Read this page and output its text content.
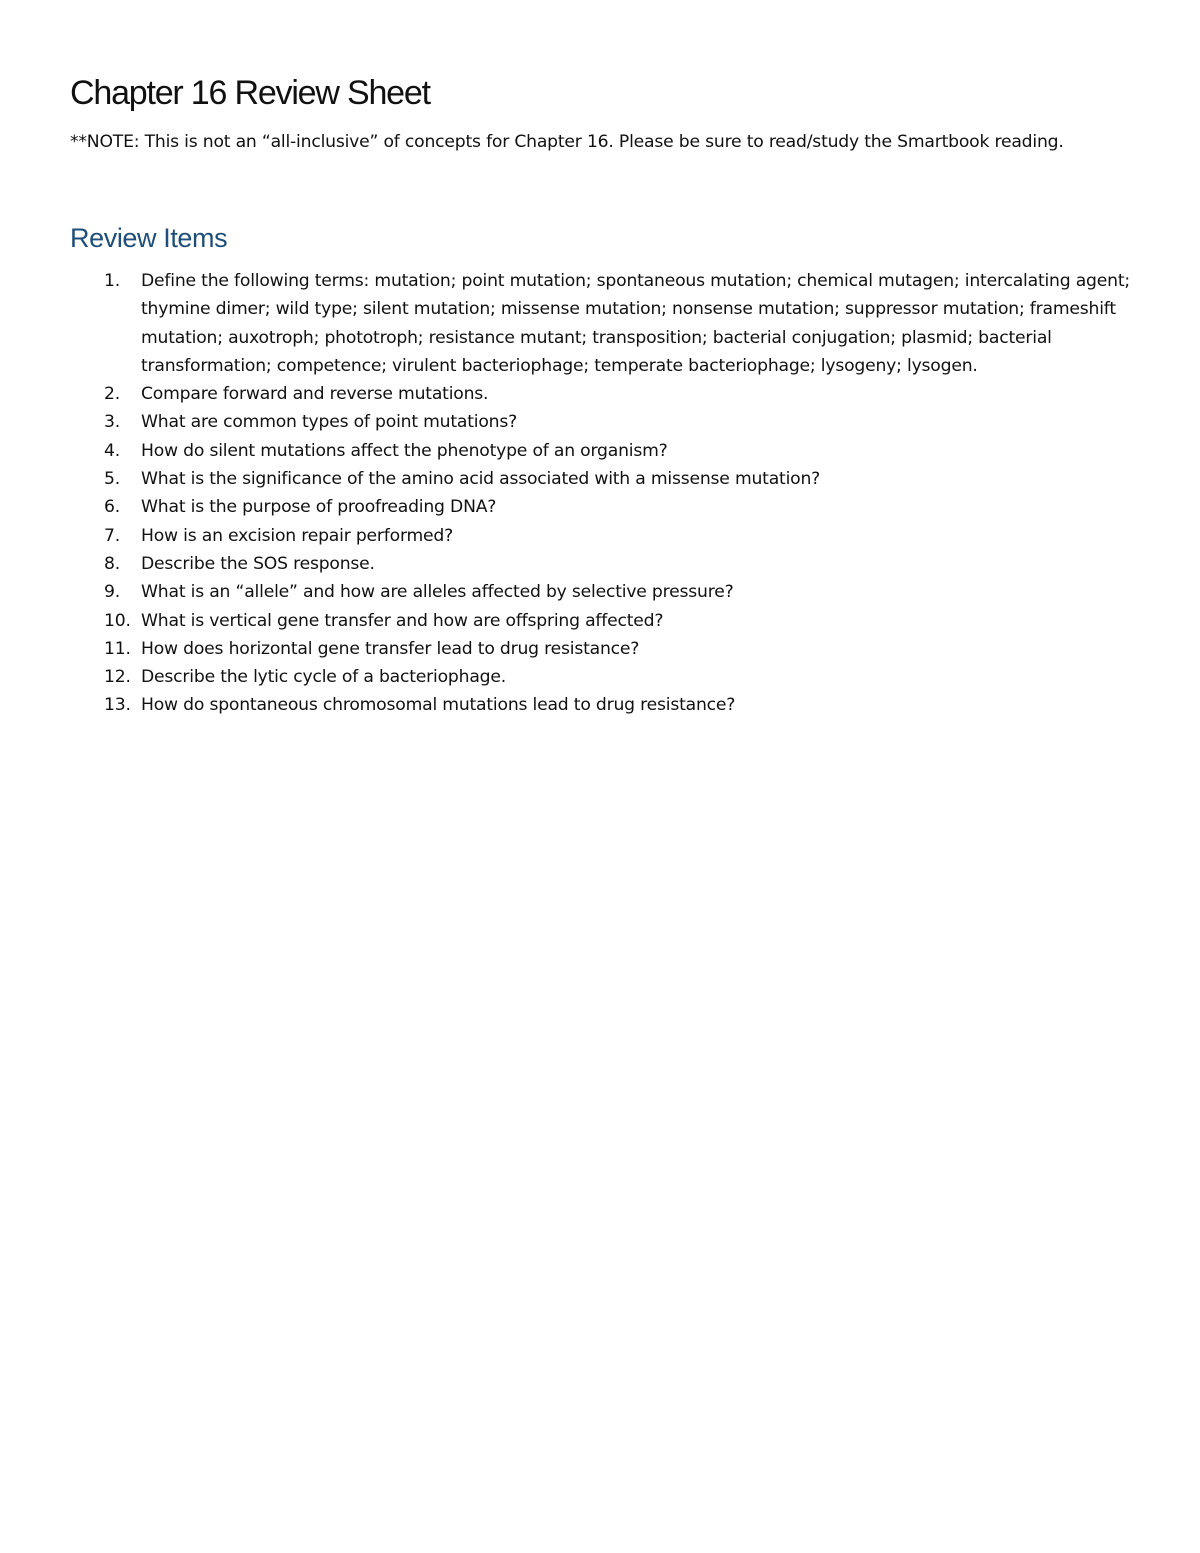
Chapter 16 Review Sheet

**NOTE: This is not an “all-inclusive” of concepts for Chapter 16. Please be sure to read/study the Smartbook reading.

Review Items
1. Define the following terms: mutation; point mutation; spontaneous mutation; chemical mutagen; intercalating agent; thymine dimer; wild type; silent mutation; missense mutation; nonsense mutation; suppressor mutation; frameshift mutation; auxotroph; phototroph; resistance mutant; transposition; bacterial conjugation; plasmid; bacterial transformation; competence; virulent bacteriophage; temperate bacteriophage; lysogeny; lysogen.
2. Compare forward and reverse mutations.
3. What are common types of point mutations?
4. How do silent mutations affect the phenotype of an organism?
5. What is the significance of the amino acid associated with a missense mutation?
6. What is the purpose of proofreading DNA?
7. How is an excision repair performed?
8. Describe the SOS response.
9. What is an “allele” and how are alleles affected by selective pressure?
10. What is vertical gene transfer and how are offspring affected?
11. How does horizontal gene transfer lead to drug resistance?
12. Describe the lytic cycle of a bacteriophage.
13. How do spontaneous chromosomal mutations lead to drug resistance?
